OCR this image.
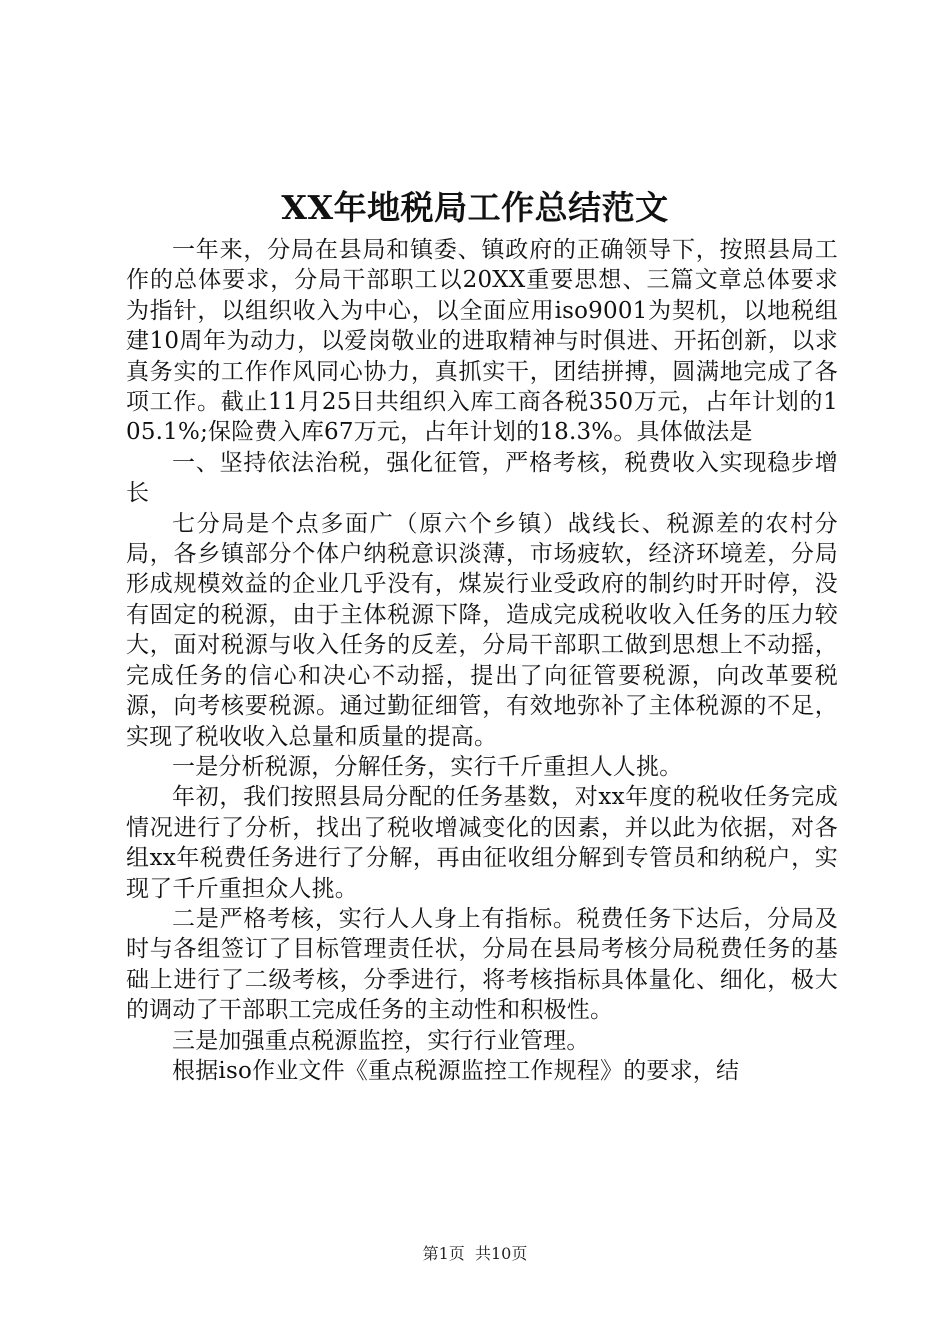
XX年地税局工作总结范文

一年来，分局在县局和镇委、镇政府的正确领导下，按照县局工作的总体要求，分局干部职工以20XX重要思想、三篇文章总体要求为指针，以组织收入为中心，以全面应用iso9001为契机，以地税组建10周年为动力，以爱岗敬业的进取精神与时俱进、开拓创新，以求真务实的工作作风同心协力，真抓实干，团结拼搏，圆满地完成了各项工作。截止11月25日共组织入库工商各税350万元，占年计划的105.1%;保险费入库67万元，占年计划的18.3%。具体做法是

一、坚持依法治税，强化征管，严格考核，税费收入实现稳步增长

七分局是个点多面广（原六个乡镇）战线长、税源差的农村分局，各乡镇部分个体户纳税意识淡薄，市场疲软，经济环境差，分局形成规模效益的企业几乎没有，煤炭行业受政府的制约时开时停，没有固定的税源，由于主体税源下降，造成完成税收收入任务的压力较大，面对税源与收入任务的反差，分局干部职工做到思想上不动摇，完成任务的信心和决心不动摇，提出了向征管要税源，向改革要税源，向考核要税源。通过勤征细管，有效地弥补了主体税源的不足，实现了税收收入总量和质量的提高。

一是分析税源，分解任务，实行千斤重担人人挑。

年初，我们按照县局分配的任务基数，对xx年度的税收任务完成情况进行了分析，找出了税收增减变化的因素，并以此为依据，对各组xx年税费任务进行了分解，再由征收组分解到专管员和纳税户，实现了千斤重担众人挑。

二是严格考核，实行人人身上有指标。税费任务下达后，分局及时与各组签订了目标管理责任状，分局在县局考核分局税费任务的基础上进行了二级考核，分季进行，将考核指标具体量化、细化，极大的调动了干部职工完成任务的主动性和积极性。

三是加强重点税源监控，实行行业管理。

根据iso作业文件《重点税源监控工作规程》的要求，结

第1页 共10页
